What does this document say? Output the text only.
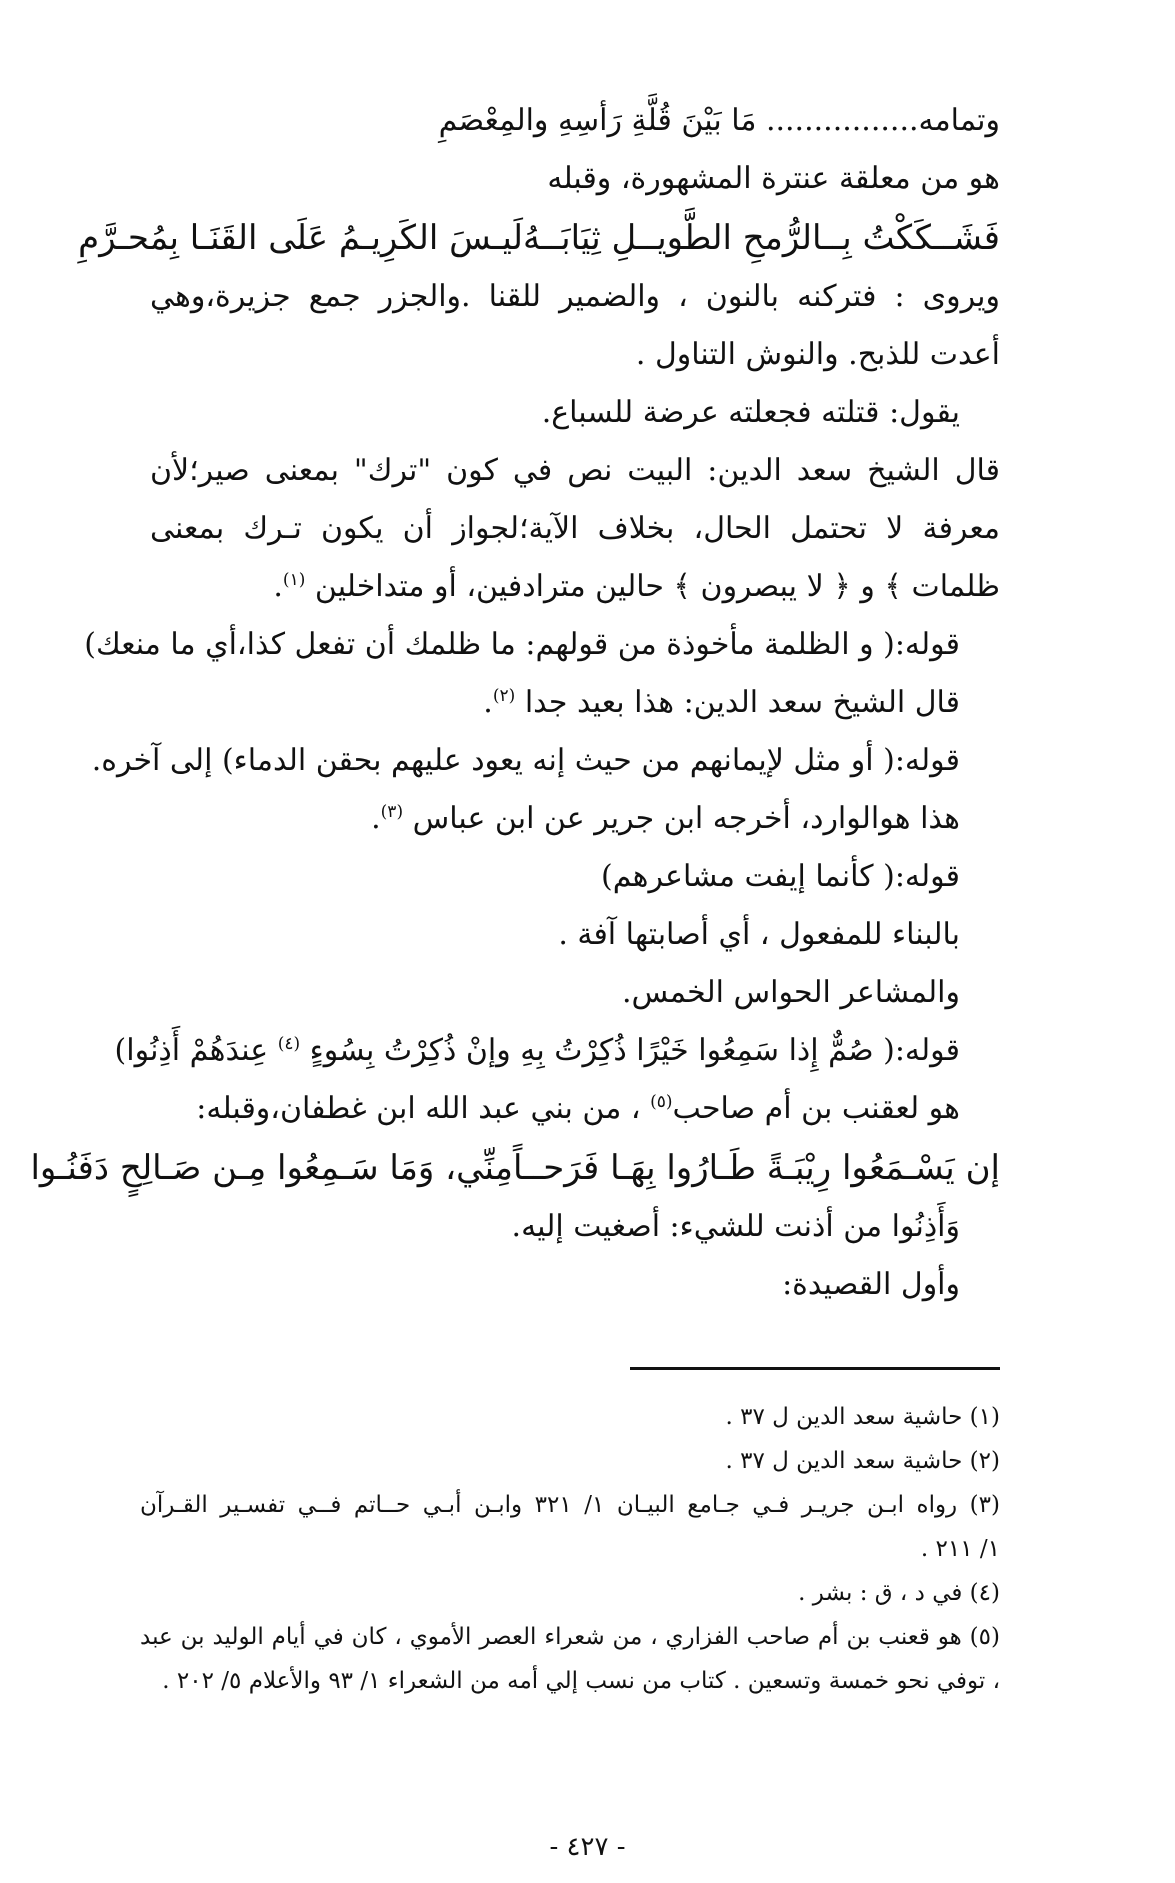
وتمامه................ مَا بَيْنَ قُلَّةِ رَأسِهِ والمِعْصَمِ

هو من معلقة عنترة المشهورة، وقبله

فَشَــكَكْتُ بِــالرُّمحِ الطَّويــلِ ثِيَابَــهُ
لَيـسَ الكَرِيـمُ عَلَى القَنَـا بِمُحـرَّمِ

ويروى : فتركنه بالنون ، والضمير للقنا .والجزر جمع جزيرة،وهي

أعدت للذبح. والنوش التناول .

يقول: قتلته فجعلته عرضة للسباع.

قال الشيخ سعد الدين: البيت نص في كون "ترك" بمعنى صير؛لأن

معرفة لا تحتمل الحال، بخلاف الآية؛لجواز أن يكون تـرك بمعنى

ظلمات ﴾ و ﴿ لا يبصرون ﴾ حالين مترادفين، أو متداخلين $^{(١)}$.

قوله:( و الظلمة مأخوذة من قولهم: ما ظلمك أن تفعل كذا،أي ما منعك)

قال الشيخ سعد الدين: هذا بعيد جدا $^{(٢)}$.

قوله:( أو مثل لإيمانهم من حيث إنه يعود عليهم بحقن الدماء) إلى آخره.

هذا هوالوارد، أخرجه ابن جرير عن ابن عباس $^{(٣)}$.

قوله:( كأنما إيفت مشاعرهم)

بالبناء للمفعول ، أي أصابتها آفة .

والمشاعر الحواس الخمس.

قوله:( صُمٌّ إِذا سَمِعُوا خَيْرًا ذُكِرْتُ بِهِ وإنْ ذُكِرْتُ بِسُوءٍ $^{(٤)}$ عِندَهُمْ أَذِنُوا)

هو لعقنب بن أم صاحب$^{(٥)}$ ، من بني عبد الله ابن غطفان،وقبله:

إن يَسْـمَعُوا رِيْبَـةً طَـارُوا بِهَـا فَرَحــاً
مِنِّي، وَمَا سَـمِعُوا مِـن صَـالِحٍ دَفَنُـوا

وَأَذِنُوا من أذنت للشيء: أصغيت إليه.

وأول القصيدة:

(١) حاشية سعد الدين ل ٣٧ .

(٢) حاشية سعد الدين ل ٣٧ .

(٣) رواه ابـن جريـر فـي جـامع البيـان ١/ ٣٢١ وابـن أبـي حــاتم فــي تفسـير القـرآن

١/ ٢١١ .

(٤) في د ، ق : بشر .

(٥) هو قعنب بن أم صاحب الفزاري ، من شعراء العصر الأموي ، كان في أيام الوليد بن عبد

، توفي نحو خمسة وتسعين . كتاب من نسب إلي أمه من الشعراء ١/ ٩٣ والأعلام ٥/ ٢٠٢ .

- ٤٢٧ -
